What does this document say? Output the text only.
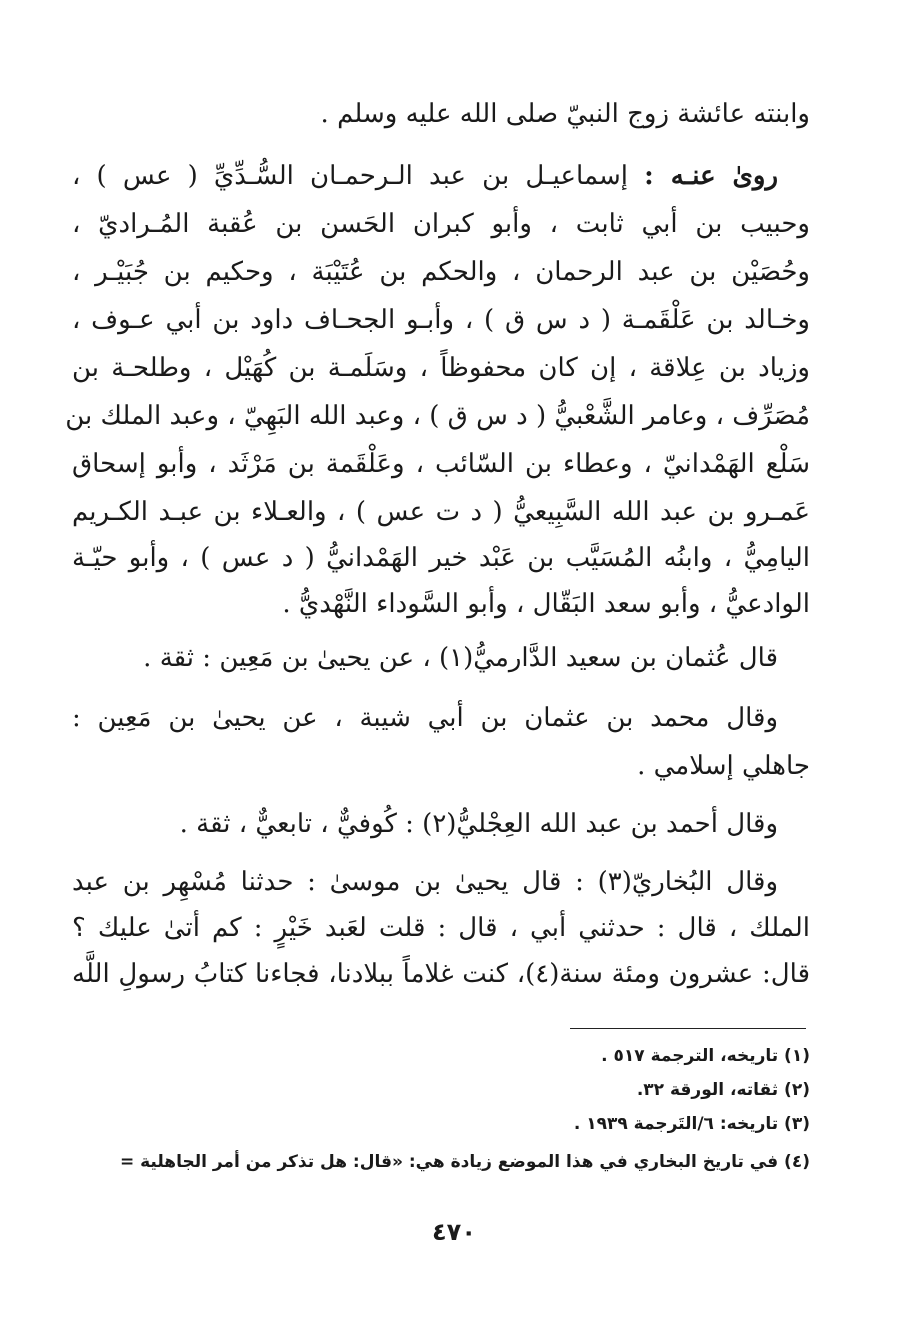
وابنته عائشة زوج النبيّ صلى الله عليه وسلم .
روىٰ عنـه : إسماعيـل بن عبد الـرحمـان السُّـدِّيِّ ( عس ) ،
وحبيب بن أبي ثابت ، وأبو كبران الحَسن بن عُقبة المُـراديّ ،
وحُصَيْن بن عبد الرحمان ، والحكم بن عُتَيْبَة ، وحكيم بن جُبَيْـر ،
وخـالد بن عَلْقَمـة ( د س ق ) ، وأبـو الجحـاف داود بن أبي عـوف ،
وزياد بن عِلاقة ، إن كان محفوظاً ، وسَلَمـة بن كُهَيْل ، وطلحـة بن
مُصَرِّف ، وعامر الشَّعْبيُّ ( د س ق ) ، وعبد الله البَهِيّ ، وعبد الملك بن
سَلْع الهَمْدانيّ ، وعطاء بن السّائب ، وعَلْقَمة بن مَرْثَد ، وأبو إسحاق
عَمـرو بن عبد الله السَّبِيعيُّ ( د ت عس ) ، والعـلاء بن عبـد الكـريم
اليامِيُّ ، وابنُه المُسَيَّب بن عَبْد خير الهَمْدانيُّ ( د عس ) ، وأبو حيّـة
الوادعيُّ ، وأبو سعد البَقّال ، وأبو السَّوداء النَّهْديُّ .
قال عُثمان بن سعيد الدَّارميُّ(١) ، عن يحيىٰ بن مَعِين : ثقة .
وقال محمد بن عثمان بن أبي شيبة ، عن يحيىٰ بن مَعِين :
جاهلي إسلامي .
وقال أحمد بن عبد الله العِجْليُّ(٢) : كُوفيٌّ ، تابعيٌّ ، ثقة .
وقال البُخاريّ(٣) : قال يحيىٰ بن موسىٰ : حدثنا مُسْهِر بن عبد
الملك ، قال : حدثني أبي ، قال : قلت لعَبد خَيْرٍ : كم أتىٰ عليك ؟
قال: عشرون ومئة سنة(٤)، كنت غلاماً ببلادنا، فجاءنا كتابُ رسولِ اللَّه
(١) تاريخه، الترجمة ٥١٧ .
(٢) ثقاته، الورقة ٣٢.
(٣) تاريخه: ٦/التَرجمة ١٩٣٩ .
(٤) في تاريخ البخاري في هذا الموضع زيادة هي: «قال: هل تذكر من أمر الجاهلية =
٤٧٠
